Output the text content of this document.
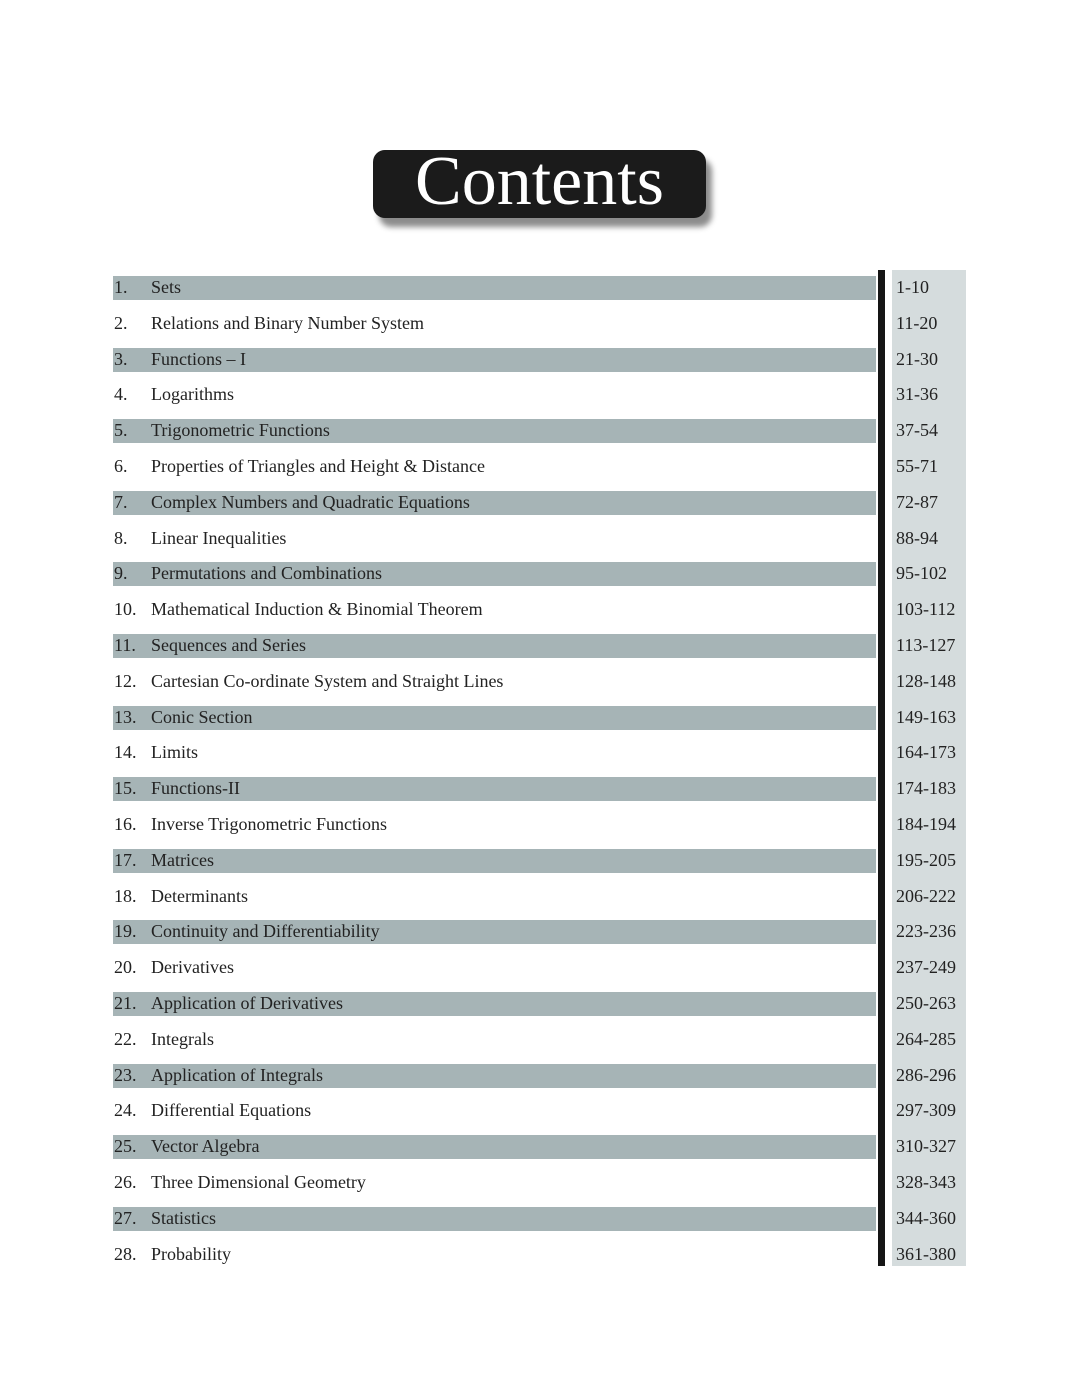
Contents
1. Sets	1-10
2. Relations and Binary Number System	11-20
3. Functions – I	21-30
4. Logarithms	31-36
5. Trigonometric Functions	37-54
6. Properties of Triangles and Height & Distance	55-71
7. Complex Numbers and Quadratic Equations	72-87
8. Linear Inequalities	88-94
9. Permutations and Combinations	95-102
10. Mathematical Induction & Binomial Theorem	103-112
11. Sequences and Series	113-127
12. Cartesian Co-ordinate System and Straight Lines	128-148
13. Conic Section	149-163
14. Limits	164-173
15. Functions-II	174-183
16. Inverse Trigonometric Functions	184-194
17. Matrices	195-205
18. Determinants	206-222
19. Continuity and Differentiability	223-236
20. Derivatives	237-249
21. Application of Derivatives	250-263
22. Integrals	264-285
23. Application of Integrals	286-296
24. Differential Equations	297-309
25. Vector Algebra	310-327
26. Three Dimensional Geometry	328-343
27. Statistics	344-360
28. Probability	361-380
